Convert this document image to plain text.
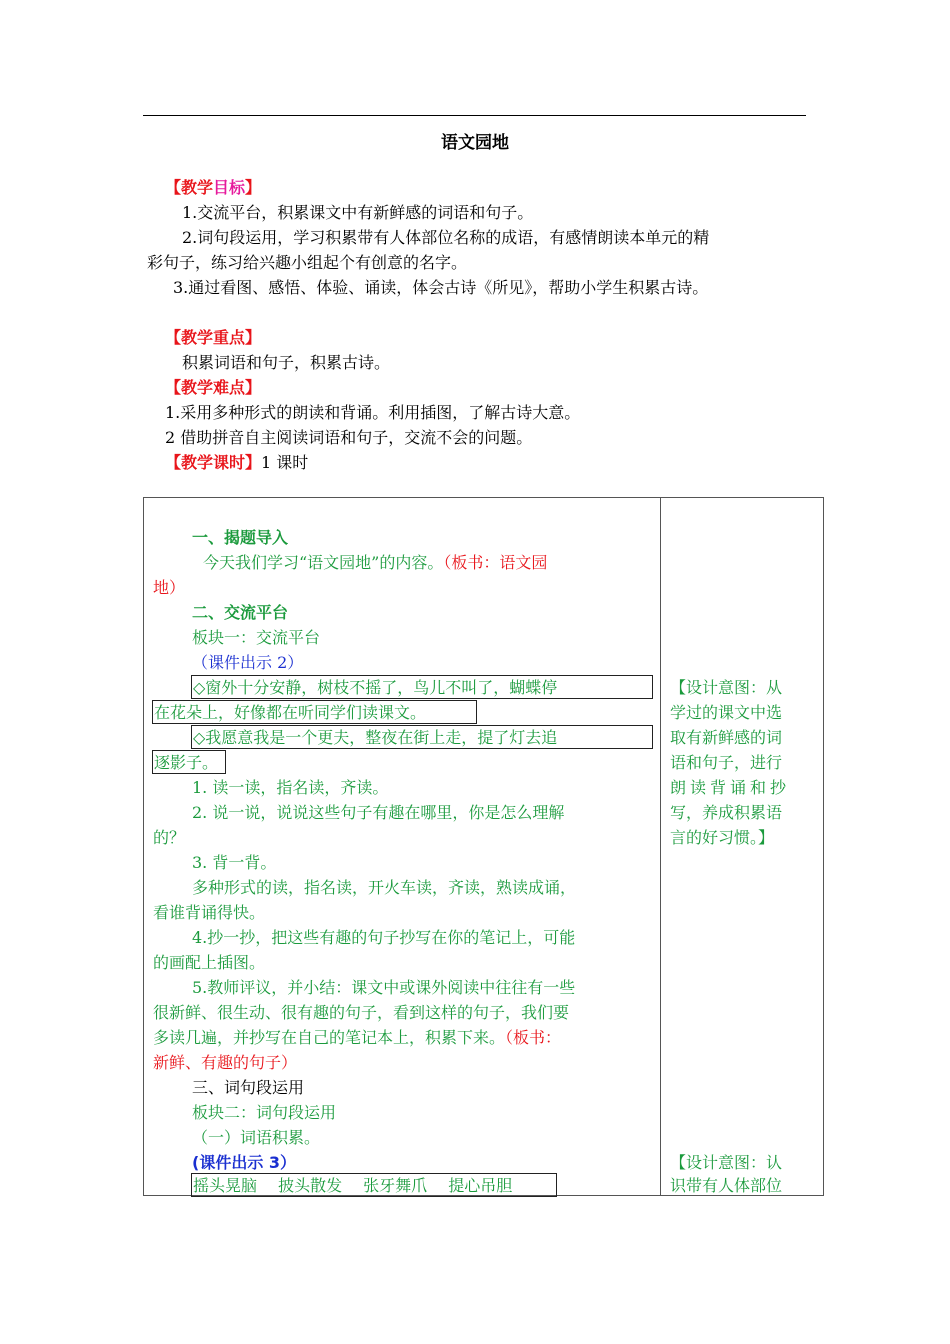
语文园地
【教学目标】
1.交流平台，积累课文中有新鲜感的词语和句子。
2.词句段运用，学习积累带有人体部位名称的成语，有感情朗读本单元的精
彩句子，练习给兴趣小组起个有创意的名字。
3.通过看图、感悟、体验、诵读，体会古诗《所见》，帮助小学生积累古诗。
【教学重点】
积累词语和句子，积累古诗。
【教学难点】
1.采用多种形式的朗读和背诵。利用插图，了解古诗大意。
2 借助拼音自主阅读词语和句子，交流不会的问题。
【教学课时】1 课时
一、揭题导入
今天我们学习“语文园地”的内容。（板书：语文园
地）
二、交流平台
板块一：交流平台
（课件出示 2）
◇窗外十分安静，树枝不摇了，鸟儿不叫了，蝴蝶停
在花朵上，好像都在听同学们读课文。
◇我愿意我是一个更夫，整夜在街上走，提了灯去追
逐影子。
1. 读一读，指名读，齐读。
2. 说一说，说说这些句子有趣在哪里，你是怎么理解
的？
3. 背一背。
多种形式的读，指名读，开火车读，齐读，熟读成诵，
看谁背诵得快。
4.抄一抄，把这些有趣的句子抄写在你的笔记上，可能
的画配上插图。
5.教师评议，并小结：课文中或课外阅读中往往有一些
很新鲜、很生动、很有趣的句子，看到这样的句子，我们要
多读几遍，并抄写在自己的笔记本上，积累下来。（板书：
新鲜、有趣的句子）
三、词句段运用
板块二：词句段运用
（一）词语积累。
(课件出示 3）
摇头晃脑　 披头散发　 张牙舞爪　 提心吊胆
【设计意图：从
学过的课文中选
取有新鲜感的词
语和句子，进行
朗读背诵和抄
写，养成积累语
言的好习惯。】
【设计意图：认
识带有人体部位
